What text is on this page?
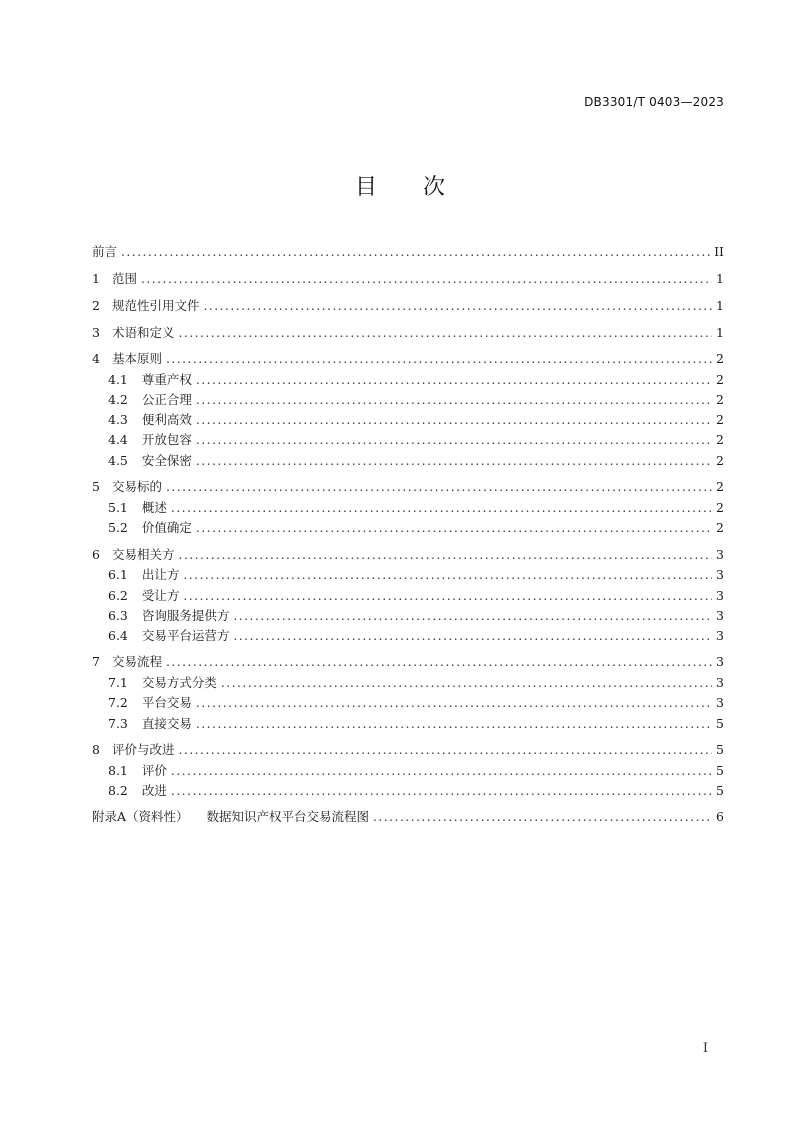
DB3301/T 0403—2023
目 次
前言 .....	II
1 范围 .....	1
2 规范性引用文件 .....	1
3 术语和定义 .....	1
4 基本原则 .....	2
4.1 尊重产权 .....	2
4.2 公正合理 .....	2
4.3 便利高效 .....	2
4.4 开放包容 .....	2
4.5 安全保密 .....	2
5 交易标的 .....	2
5.1 概述 .....	2
5.2 价值确定 .....	2
6 交易相关方 .....	3
6.1 出让方 .....	3
6.2 受让方 .....	3
6.3 咨询服务提供方 .....	3
6.4 交易平台运营方 .....	3
7 交易流程 .....	3
7.1 交易方式分类 .....	3
7.2 平台交易 .....	3
7.3 直接交易 .....	5
8 评价与改进 .....	5
8.1 评价 .....	5
8.2 改进 .....	5
附录A（资料性） 数据知识产权平台交易流程图 .....	6
I
